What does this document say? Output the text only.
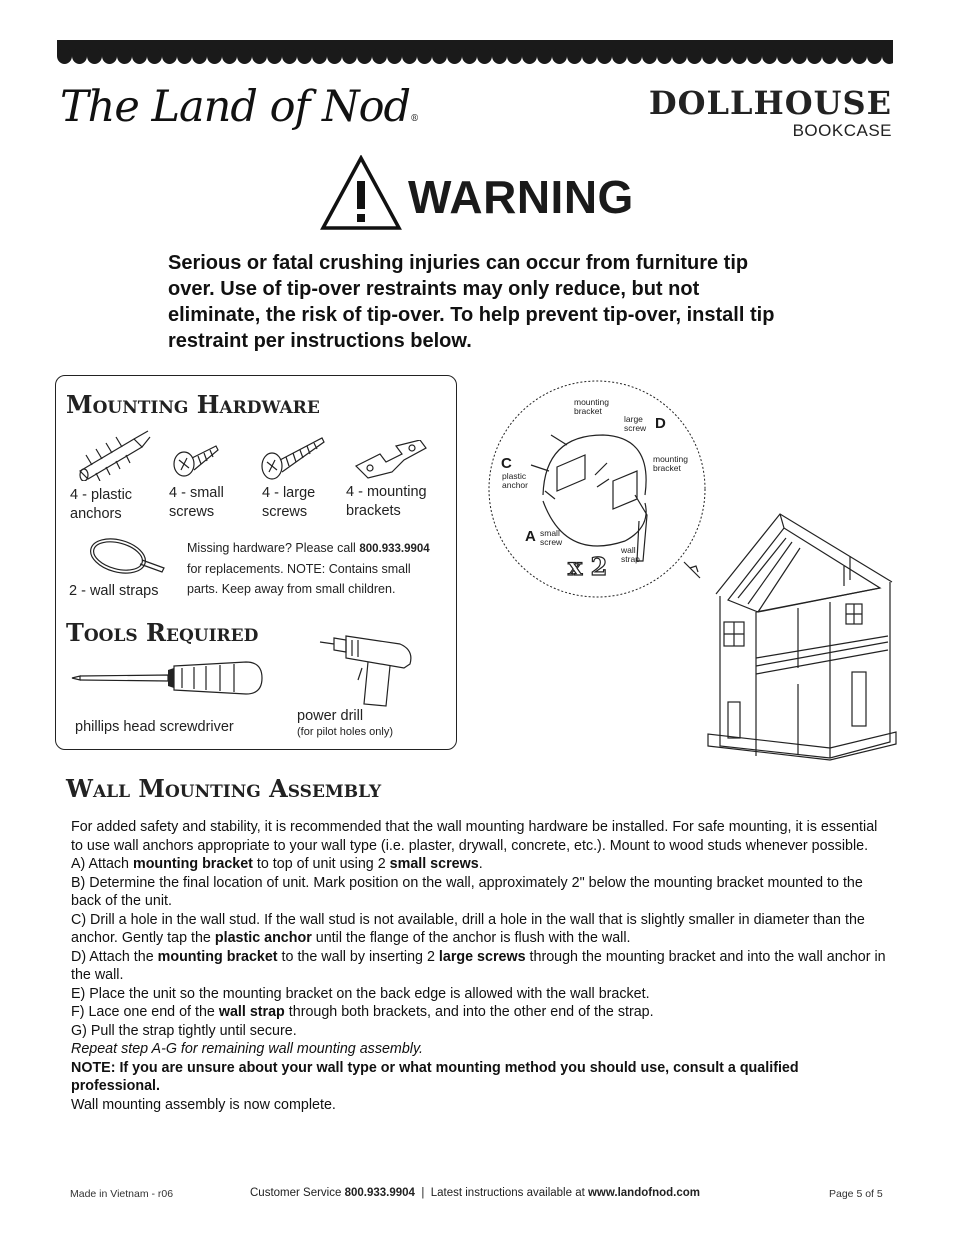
The Land of Nod®	DOLLHOUSE
BOOKCASE
WARNING
Serious or fatal crushing injuries can occur from furniture tip over. Use of tip-over restraints may only reduce, but not eliminate, the risk of tip-over. To help prevent tip-over, install tip restraint per instructions below.
Mounting Hardware
4 - plastic
anchors
4 - small
screws
4 - large
screws
4 - mounting
brackets
2 - wall straps
Missing hardware? Please call 800.933.9904
for replacements. NOTE: Contains small
parts. Keep away from small children.
Tools Required
phillips head screwdriver
power drill
(for pilot holes only)
mounting
bracket
large
screw D
mounting
bracket
C
plastic
anchor
A small
screw
wall
strap
x 2
Wall Mounting Assembly

For added safety and stability, it is recommended that the wall mounting hardware be installed. For safe mounting, it is essential to use wall anchors appropriate to your wall type (i.e. plaster, drywall, concrete, etc.). Mount to wood studs whenever possible.

A) Attach mounting bracket to top of unit using 2 small screws.

B) Determine the final location of unit. Mark position on the wall, approximately 2" below the mounting bracket mounted to the back of the unit.

C) Drill a hole in the wall stud. If the wall stud is not available, drill a hole in the wall that is slightly smaller in diameter than the anchor. Gently tap the plastic anchor until the flange of the anchor is flush with the wall.

D) Attach the mounting bracket to the wall by inserting 2 large screws through the mounting bracket and into the wall anchor in the wall.

E) Place the unit so the mounting bracket on the back edge is allowed with the wall bracket.

F) Lace one end of the wall strap through both brackets, and into the other end of the strap.

G) Pull the strap tightly until secure.

Repeat step A-G for remaining wall mounting assembly.

NOTE: If you are unsure about your wall type or what mounting method you should use, consult a qualified professional.

Wall mounting assembly is now complete.

Made in Vietnam - r06	Customer Service 800.933.9904  |  Latest instructions available at www.landofnod.com	Page 5 of 5
